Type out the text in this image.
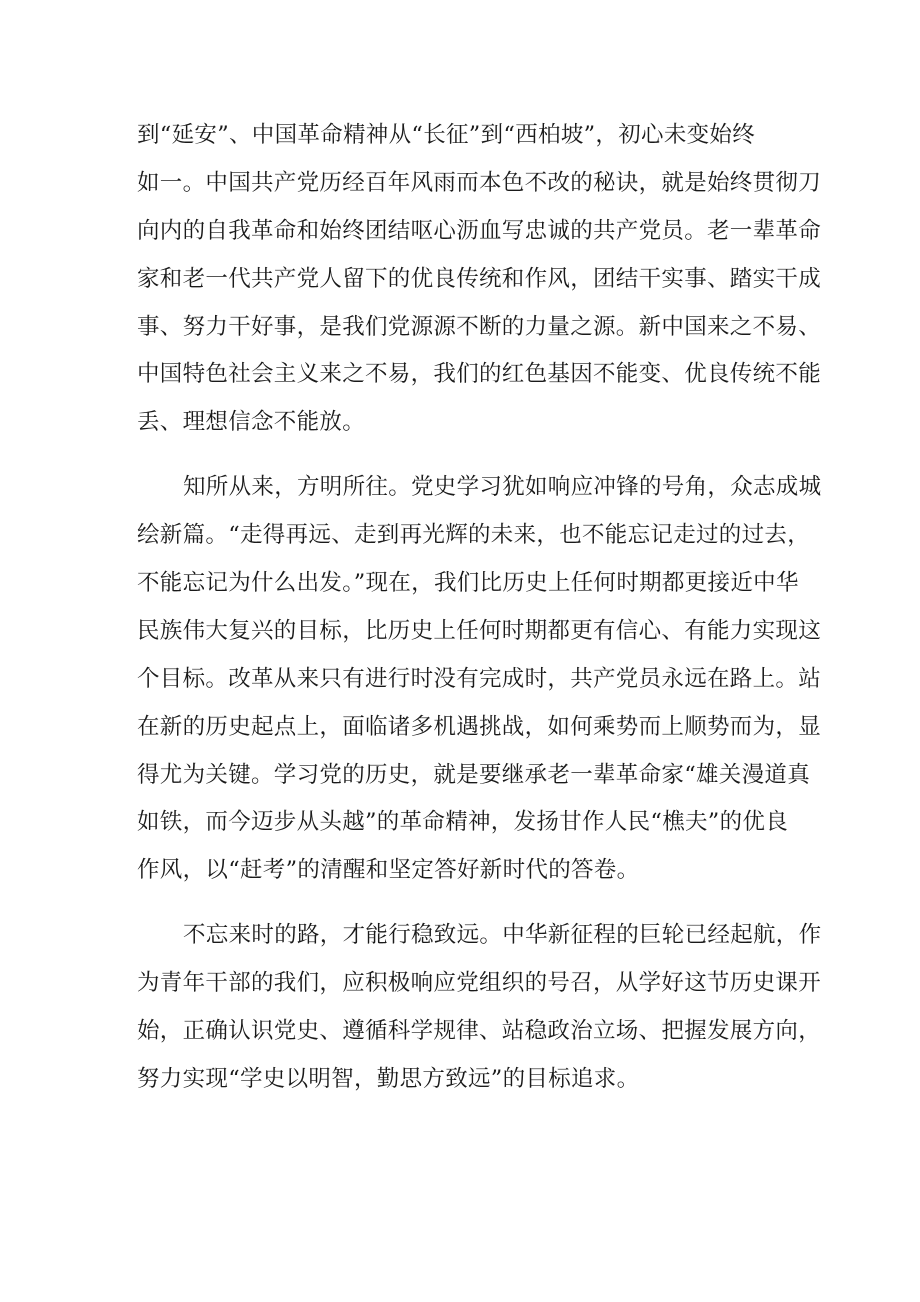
到“延安”、中国革命精神从“长征”到“西柏坡”，初心未变始终
如一。中国共产党历经百年风雨而本色不改的秘诀，就是始终贯彻刀
向内的自我革命和始终团结呕心沥血写忠诚的共产党员。老一辈革命
家和老一代共产党人留下的优良传统和作风，团结干实事、踏实干成
事、努力干好事，是我们党源源不断的力量之源。新中国来之不易、
中国特色社会主义来之不易，我们的红色基因不能变、优良传统不能
丢、理想信念不能放。
知所从来，方明所往。党史学习犹如响应冲锋的号角，众志成城
绘新篇。“走得再远、走到再光辉的未来，也不能忘记走过的过去，
不能忘记为什么出发。”现在，我们比历史上任何时期都更接近中华
民族伟大复兴的目标，比历史上任何时期都更有信心、有能力实现这
个目标。改革从来只有进行时没有完成时，共产党员永远在路上。站
在新的历史起点上，面临诸多机遇挑战，如何乘势而上顺势而为，显
得尤为关键。学习党的历史，就是要继承老一辈革命家“雄关漫道真
如铁，而今迈步从头越”的革命精神，发扬甘作人民“樵夫”的优良
作风，以“赶考”的清醒和坚定答好新时代的答卷。
不忘来时的路，才能行稳致远。中华新征程的巨轮已经起航，作
为青年干部的我们，应积极响应党组织的号召，从学好这节历史课开
始，正确认识党史、遵循科学规律、站稳政治立场、把握发展方向，
努力实现“学史以明智，勤思方致远”的目标追求。
